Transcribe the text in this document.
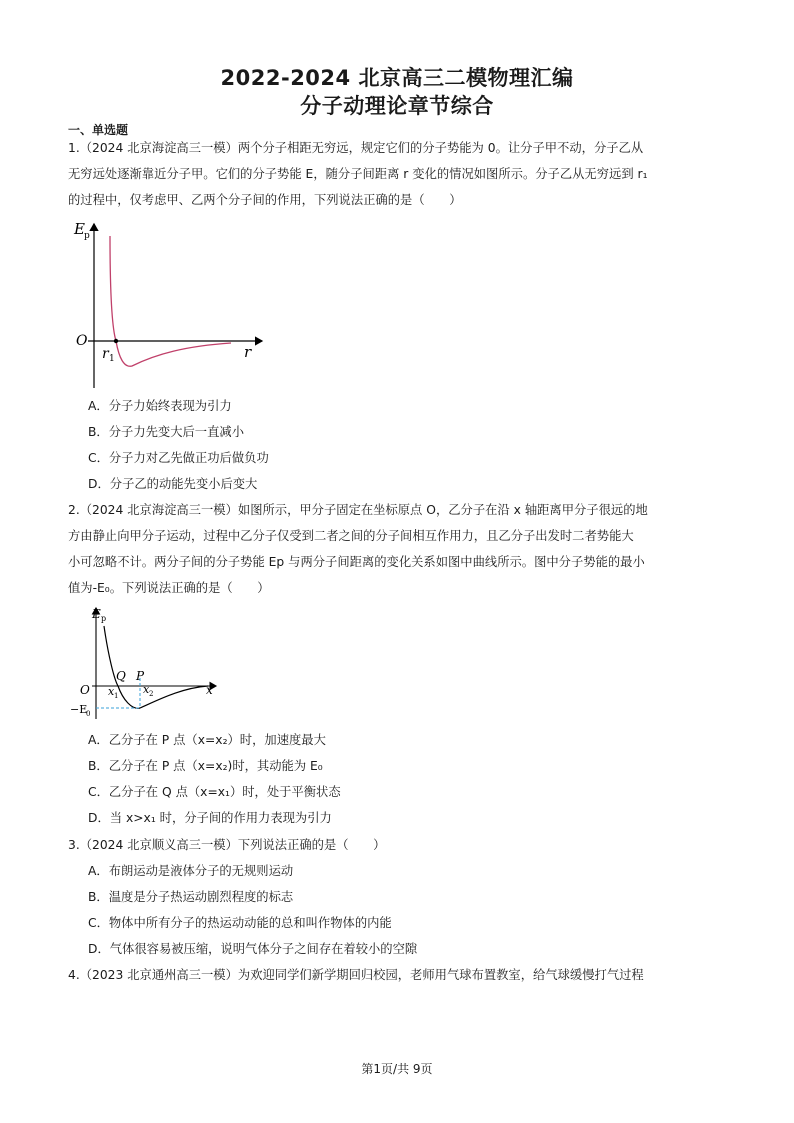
2022-2024 北京高三二模物理汇编
分子动理论章节综合
一、单选题
1.（2024 北京海淀高三一模）两个分子相距无穷远，规定它们的分子势能为 0。让分子甲不动，分子乙从
无穷远处逐渐靠近分子甲。它们的分子势能 E，随分子间距离 r 变化的情况如图所示。分子乙从无穷远到 r₁
的过程中，仅考虑甲、乙两个分子间的作用，下列说法正确的是（　　）
E p
O
r 1	r
A．分子力始终表现为引力
B．分子力先变大后一直减小
C．分子力对乙先做正功后做负功
D．分子乙的动能先变小后变大
2.（2024 北京海淀高三一模）如图所示，甲分子固定在坐标原点 O，乙分子在沿 x 轴距离甲分子很远的地
方由静止向甲分子运动，过程中乙分子仅受到二者之间的分子间相互作用力，且乙分子出发时二者势能大
小可忽略不计。两分子间的分子势能 Ep 与两分子间距离的变化关系如图中曲线所示。图中分子势能的最小
值为-E₀。下列说法正确的是（　　）
E p
O
Q P
x 1 x 2	x
−E
0
A．乙分子在 P 点（x=x₂）时，加速度最大
B．乙分子在 P 点（x=x₂)时，其动能为 E₀
C．乙分子在 Q 点（x=x₁）时，处于平衡状态
D．当 x>x₁ 时，分子间的作用力表现为引力
3.（2024 北京顺义高三一模）下列说法正确的是（　　）
A．布朗运动是液体分子的无规则运动
B．温度是分子热运动剧烈程度的标志
C．物体中所有分子的热运动动能的总和叫作物体的内能
D．气体很容易被压缩，说明气体分子之间存在着较小的空隙
4.（2023 北京通州高三一模）为欢迎同学们新学期回归校园，老师用气球布置教室，给气球缓慢打气过程
第1页/共 9页
